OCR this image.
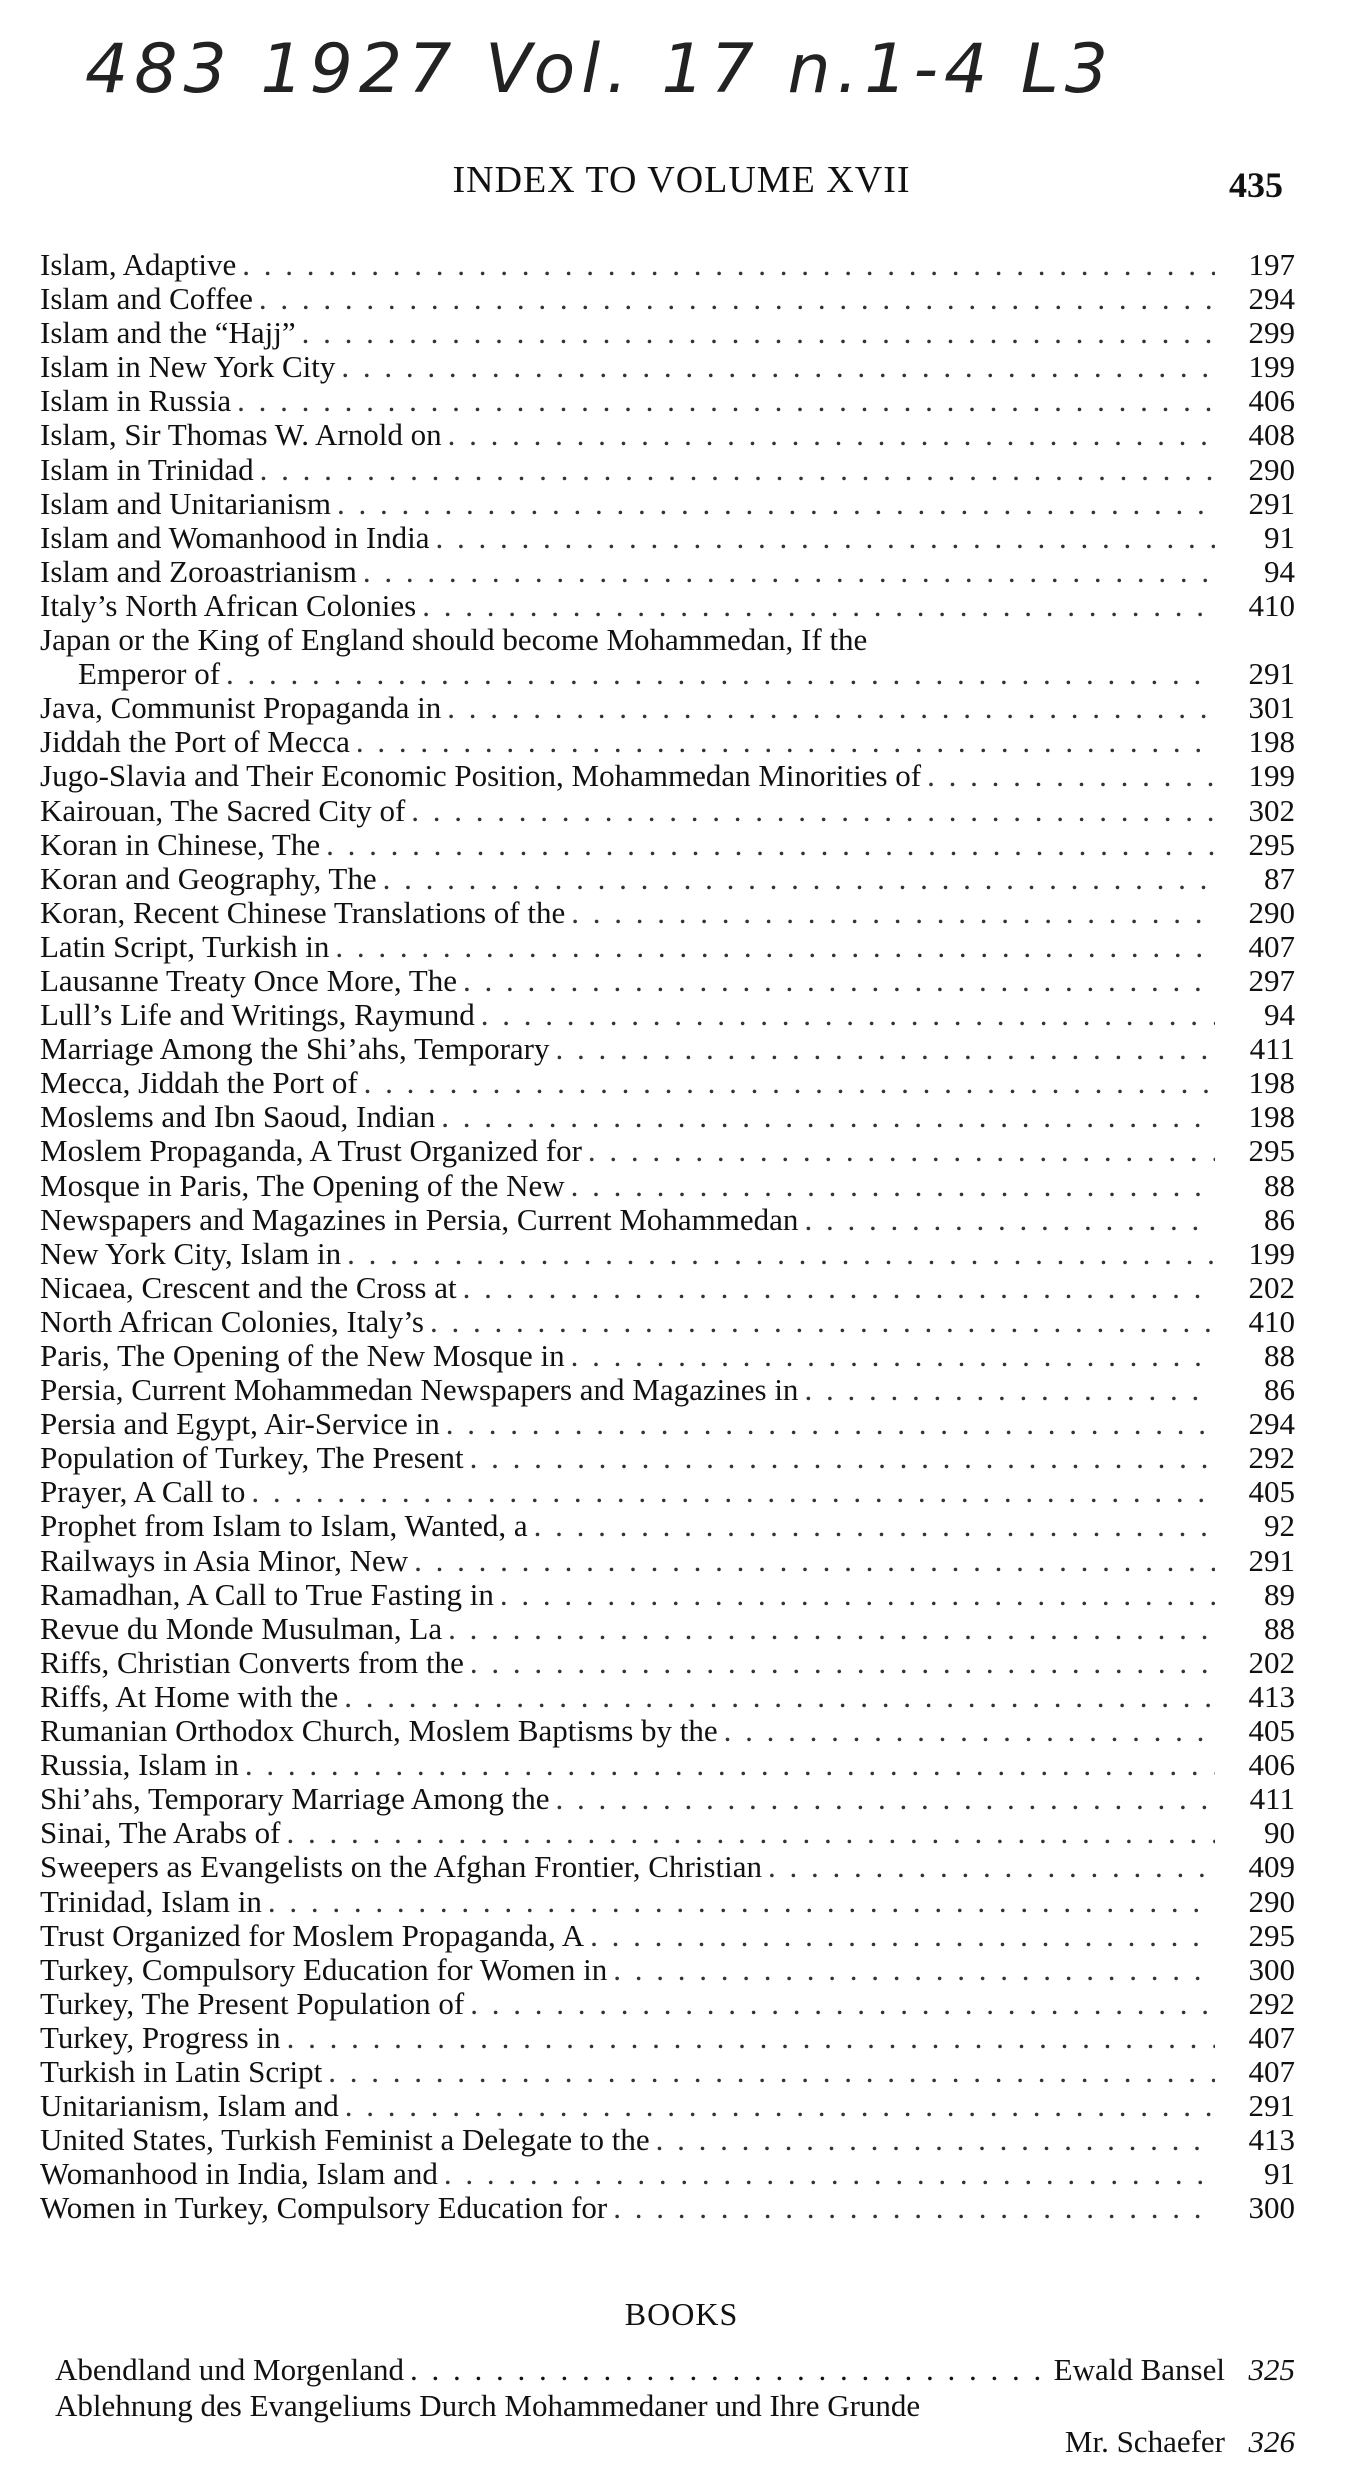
483 1927 Vol. 17 n.1-4 L3
INDEX TO VOLUME XVII	435
Islam, Adaptive . . .	197
Islam and Coffee . . .	294
Islam and the “Hajj” . . .	299
Islam in New York City . . .	199
Islam in Russia . . .	406
Islam, Sir Thomas W. Arnold on . . .	408
Islam in Trinidad . . .	290
Islam and Unitarianism . . .	291
Islam and Womanhood in India . . .	91
Islam and Zoroastrianism . . .	94
Italy’s North African Colonies . . .	410
Japan or the King of England should become Mohammedan, If the
Emperor of . . .	291
Java, Communist Propaganda in . . .	301
Jiddah the Port of Mecca . . .	198
Jugo-Slavia and Their Economic Position, Mohammedan Minorities of . . .	199
Kairouan, The Sacred City of . . .	302
Koran in Chinese, The . . .	295
Koran and Geography, The . . .	87
Koran, Recent Chinese Translations of the . . .	290
Latin Script, Turkish in . . .	407
Lausanne Treaty Once More, The . . .	297
Lull’s Life and Writings, Raymund . . .	94
Marriage Among the Shi’ahs, Temporary . . .	411
Mecca, Jiddah the Port of . . .	198
Moslems and Ibn Saoud, Indian . . .	198
Moslem Propaganda, A Trust Organized for . . .	295
Mosque in Paris, The Opening of the New . . .	88
Newspapers and Magazines in Persia, Current Mohammedan . . .	86
New York City, Islam in . . .	199
Nicaea, Crescent and the Cross at . . .	202
North African Colonies, Italy’s . . .	410
Paris, The Opening of the New Mosque in . . .	88
Persia, Current Mohammedan Newspapers and Magazines in . . .	86
Persia and Egypt, Air-Service in . . .	294
Population of Turkey, The Present . . .	292
Prayer, A Call to . . .	405
Prophet from Islam to Islam, Wanted, a . . .	92
Railways in Asia Minor, New . . .	291
Ramadhan, A Call to True Fasting in . . .	89
Revue du Monde Musulman, La . . .	88
Riffs, Christian Converts from the . . .	202
Riffs, At Home with the . . .	413
Rumanian Orthodox Church, Moslem Baptisms by the . . .	405
Russia, Islam in . . .	406
Shi’ahs, Temporary Marriage Among the . . .	411
Sinai, The Arabs of . . .	90
Sweepers as Evangelists on the Afghan Frontier, Christian . . .	409
Trinidad, Islam in . . .	290
Trust Organized for Moslem Propaganda, A . . .	295
Turkey, Compulsory Education for Women in . . .	300
Turkey, The Present Population of . . .	292
Turkey, Progress in . . .	407
Turkish in Latin Script . . .	407
Unitarianism, Islam and . . .	291
United States, Turkish Feminist a Delegate to the . . .	413
Womanhood in India, Islam and . . .	91
Women in Turkey, Compulsory Education for . . .	300
BOOKS
Abendland und Morgenland . . .	Ewald Bansel 325
Ablehnung des Evangeliums Durch Mohammedaner und Ihre Grunde
Mr. Schaefer 326
